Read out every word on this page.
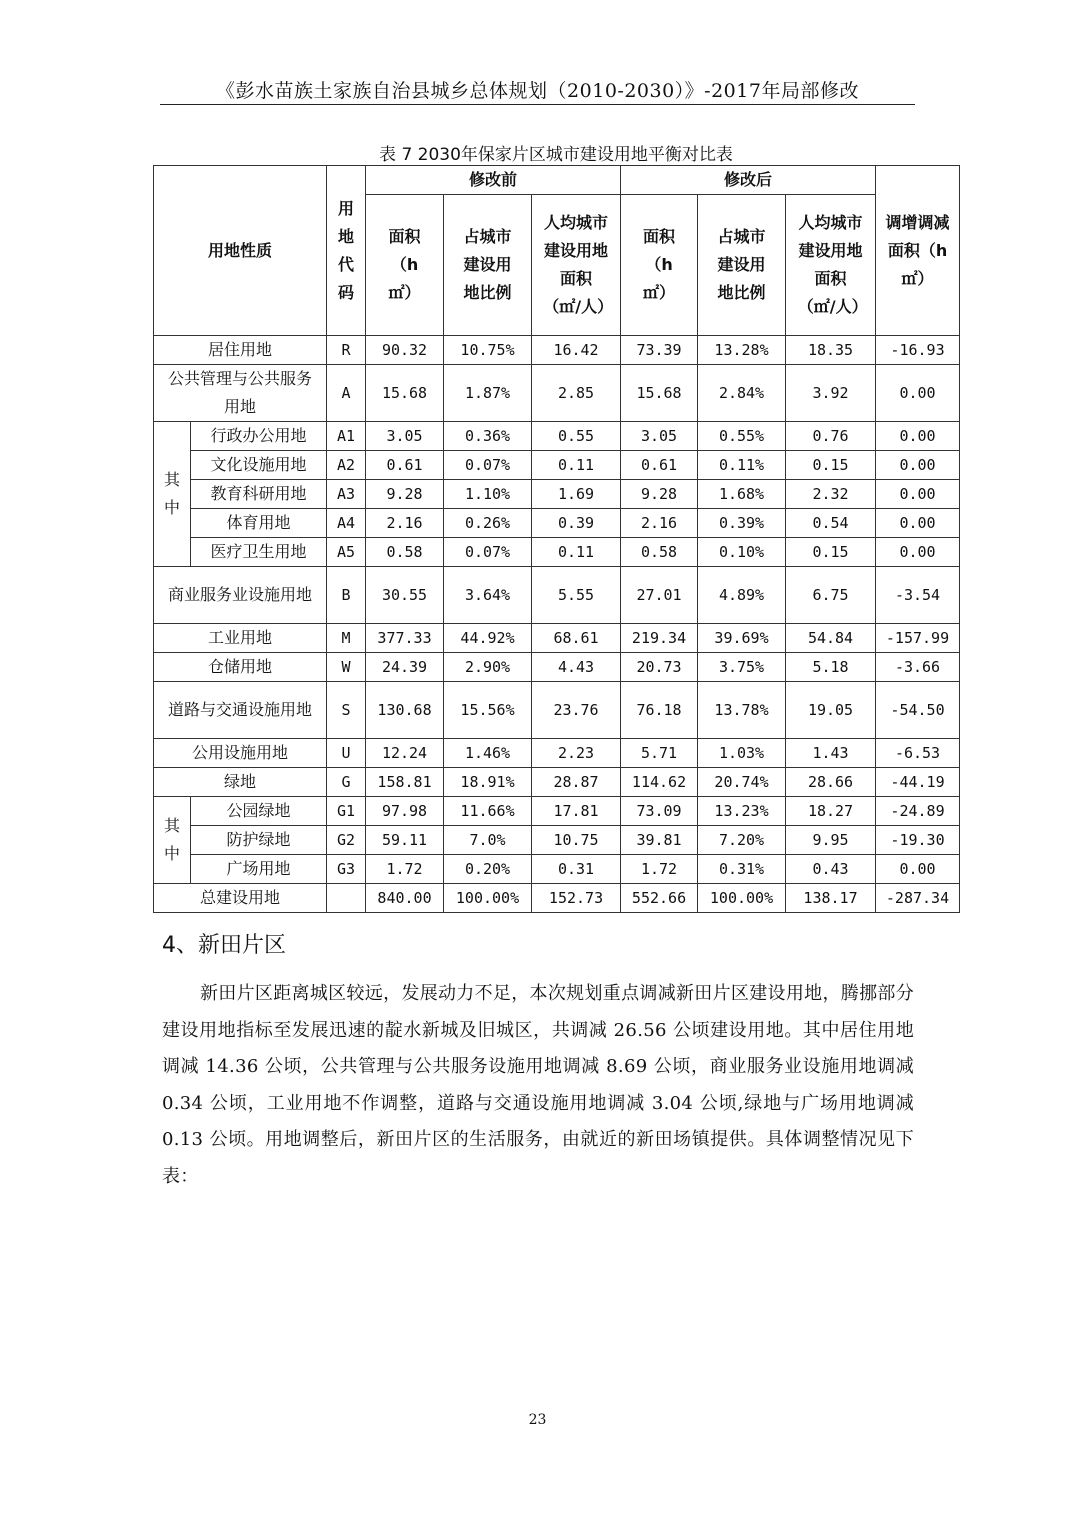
《彭水苗族土家族自治县城乡总体规划（2010-2030）》-2017年局部修改
表 7 2030年保家片区城市建设用地平衡对比表
用地性质		用地代码	修改前			修改后			调增调减面积（h ㎡）

			面积（h ㎡）	占城市建设用地比例	人均城市建设用地面积（㎡/人）	面积（h ㎡）	占城市建设用地比例	人均城市建设用地面积（㎡/人）	

居住用地		R	90.32	10.75%	16.42	73.39	13.28%	18.35	-16.93

公共管理与公共服务用地		A	15.68	1.87%	2.85	15.68	2.84%	3.92	0.00

其中	行政办公用地	A1	3.05	0.36%	0.55	3.05	0.55%	0.76	0.00
	文化设施用地	A2	0.61	0.07%	0.11	0.61	0.11%	0.15	0.00
	教育科研用地	A3	9.28	1.10%	1.69	9.28	1.68%	2.32	0.00
	体育用地	A4	2.16	0.26%	0.39	2.16	0.39%	0.54	0.00
	医疗卫生用地	A5	0.58	0.07%	0.11	0.58	0.10%	0.15	0.00

商业服务业设施用地		B	30.55	3.64%	5.55	27.01	4.89%	6.75	-3.54
工业用地		M	377.33	44.92%	68.61	219.34	39.69%	54.84	-157.99
仓储用地		W	24.39	2.90%	4.43	20.73	3.75%	5.18	-3.66

道路与交通设施用地		S	130.68	15.56%	23.76	76.18	13.78%	19.05	-54.50
公用设施用地		U	12.24	1.46%	2.23	5.71	1.03%	1.43	-6.53
绿地		G	158.81	18.91%	28.87	114.62	20.74%	28.66	-44.19

其中	公园绿地	G1	97.98	11.66%	17.81	73.09	13.23%	18.27	-24.89
	防护绿地	G2	59.11	7.0%	10.75	39.81	7.20%	9.95	-19.30
	广场用地	G3	1.72	0.20%	0.31	1.72	0.31%	0.43	0.00
总建设用地			840.00	100.00%	152.73	552.66	100.00%	138.17	-287.34
4、新田片区
新田片区距离城区较远，发展动力不足，本次规划重点调减新田片区建设用地，腾挪部分建设用地指标至发展迅速的靛水新城及旧城区，共调减 26.56 公顷建设用地。其中居住用地调减 14.36 公顷，公共管理与公共服务设施用地调减 8.69 公顷，商业服务业设施用地调减 0.34 公顷，工业用地不作调整，道路与交通设施用地调减 3.04 公顷,绿地与广场用地调减 0.13 公顷。用地调整后，新田片区的生活服务，由就近的新田场镇提供。具体调整情况见下表：
23
